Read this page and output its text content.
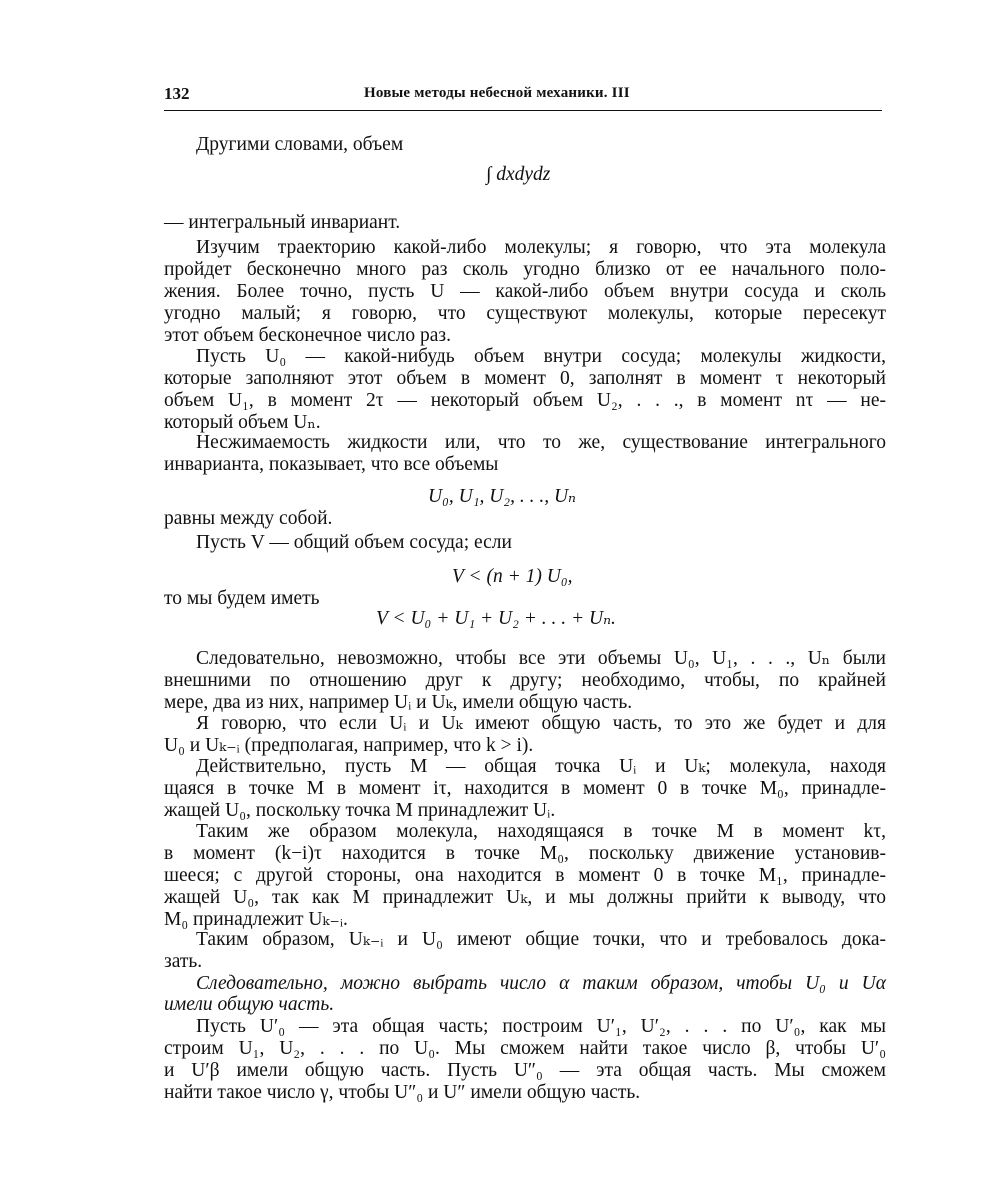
132	Новые методы небесной механики. III
Другими словами, объем
∫ dxdydz
— интегральный инвариант.
Изучим траекторию какой-либо молекулы; я говорю, что эта молекула
пройдет бесконечно много раз сколь угодно близко от ее начального поло-
жения. Более точно, пусть U — какой-либо объем внутри сосуда и сколь
угодно малый; я говорю, что существуют молекулы, которые пересекут
этот объем бесконечное число раз.
Пусть U₀ — какой-нибудь объем внутри сосуда; молекулы жидкости,
которые заполняют этот объем в момент 0, заполнят в момент τ некоторый
объем U₁, в момент 2τ — некоторый объем U₂, . . ., в момент nτ — не-
который объем Uₙ.
Несжимаемость жидкости или, что то же, существование интегрального
инварианта, показывает, что все объемы
U₀, U₁, U₂, . . ., Uₙ
равны между собой.
Пусть V — общий объем сосуда; если
V < (n + 1) U₀,
то мы будем иметь
V < U₀ + U₁ + U₂ + . . . + Uₙ.
Следовательно, невозможно, чтобы все эти объемы U₀, U₁, . . ., Uₙ были
внешними по отношению друг к другу; необходимо, чтобы, по крайней
мере, два из них, например Uᵢ и Uₖ, имели общую часть.
Я говорю, что если Uᵢ и Uₖ имеют общую часть, то это же будет и для
U₀ и Uₖ₋ᵢ (предполагая, например, что k > i).
Действительно, пусть M — общая точка Uᵢ и Uₖ; молекула, находя
щаяся в точке M в момент iτ, находится в момент 0 в точке M₀, принадле-
жащей U₀, поскольку точка M принадлежит Uᵢ.
Таким же образом молекула, находящаяся в точке M в момент kτ,
в момент (k−i)τ находится в точке M₀, поскольку движение установив-
шееся; с другой стороны, она находится в момент 0 в точке M₁, принадле-
жащей U₀, так как M принадлежит Uₖ, и мы должны прийти к выводу, что
M₀ принадлежит Uₖ₋ᵢ.
Таким образом, Uₖ₋ᵢ и U₀ имеют общие точки, что и требовалось дока-
зать.
Следовательно, можно выбрать число α таким образом, чтобы U₀ и Uα
имели общую часть.
Пусть U′₀ — эта общая часть; построим U′₁, U′₂, . . . по U′₀, как мы
строим U₁, U₂, . . . по U₀. Мы сможем найти такое число β, чтобы U′₀
и U′β имели общую часть. Пусть U″₀ — эта общая часть. Мы сможем
найти такое число γ, чтобы U″₀ и U″ имели общую часть.
